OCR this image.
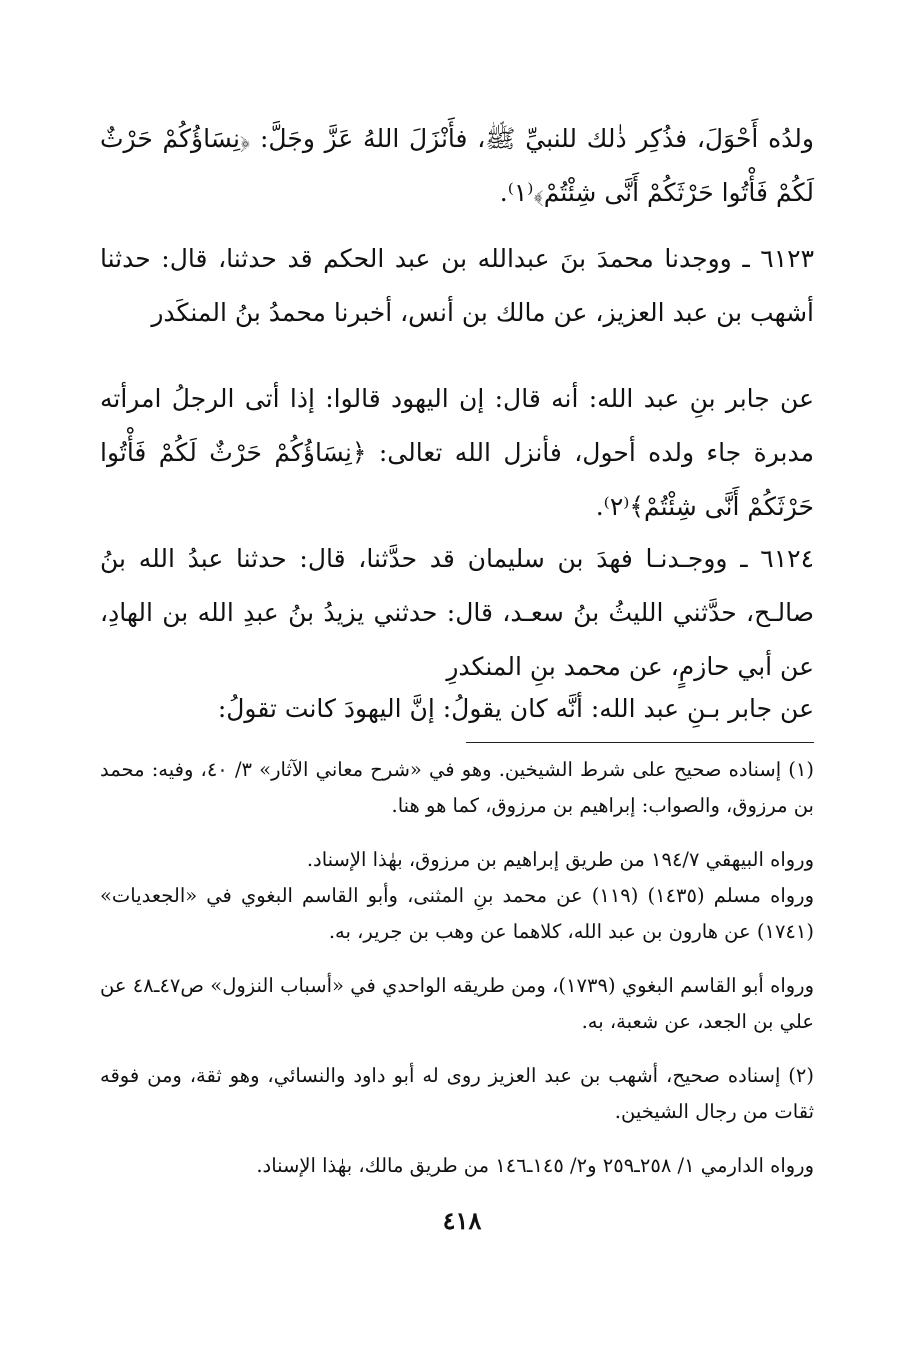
ولدُه أَحْوَلَ، فذُكِر ذٰلك للنبيِّ ﷺ، فأَنْزَلَ اللهُ عَزَّ وجَلَّ: ﴿نِسَاؤُكُمْ حَرْثٌ لَكُمْ فَأْتُوا حَرْثَكُمْ أَنَّى شِئْتُمْ﴾⁽١⁾.

٦١٢٣ ـ ووجدنا محمدَ بنَ عبدالله بن عبد الحكم قد حدثنا، قال: حدثنا أشهب بن عبد العزيز، عن مالك بن أنس، أخبرنا محمدُ بنُ المنكَدر

عن جابر بنِ عبد الله: أنه قال: إن اليهود قالوا: إذا أتى الرجلُ امرأته مدبرة جاء ولده أحول، فأنزل الله تعالى: ﴿نِسَاؤُكُمْ حَرْثٌ لَكُمْ فَأْتُوا حَرْثَكُمْ أَنَّى شِئْتُمْ﴾⁽٢⁾.

٦١٢٤ ـ ووجـدنـا فهدَ بن سليمان قد حدَّثنا، قال: حدثنا عبدُ الله بنُ صالـح، حدَّثني الليثُ بنُ سعـد، قال: حدثني يزيدُ بنُ عبدِ الله بن الهادِ، عن أبي حازمٍ، عن محمد بنِ المنكدرِ

عن جابر بـنِ عبد الله: أنَّه كان يقولُ: إنَّ اليهودَ كانت تقولُ:

(١) إسناده صحيح على شرط الشيخين. وهو في «شرح معاني الآثار» ٣/ ٤٠، وفيه: محمد بن مرزوق، والصواب: إبراهيم بن مرزوق، كما هو هنا.

ورواه البيهقي ١٩٤/٧ من طريق إبراهيم بن مرزوق، بهٰذا الإسناد.

ورواه مسلم (١٤٣٥) (١١٩) عن محمد بنِ المثنى، وأبو القاسم البغوي في «الجعديات» (١٧٤١) عن هارون بن عبد الله، كلاهما عن وهب بن جرير، به.

ورواه أبو القاسم البغوي (١٧٣٩)، ومن طريقه الواحدي في «أسباب النزول» ص٤٧ـ٤٨ عن علي بن الجعد، عن شعبة، به.

(٢) إسناده صحيح، أشهب بن عبد العزيز روى له أبو داود والنسائي، وهو ثقة، ومن فوقه ثقات من رجال الشيخين.

ورواه الدارمي ١/ ٢٥٨ـ٢٥٩ و٢/ ١٤٥ـ١٤٦ من طريق مالك، بهٰذا الإسناد.

٤١٨
